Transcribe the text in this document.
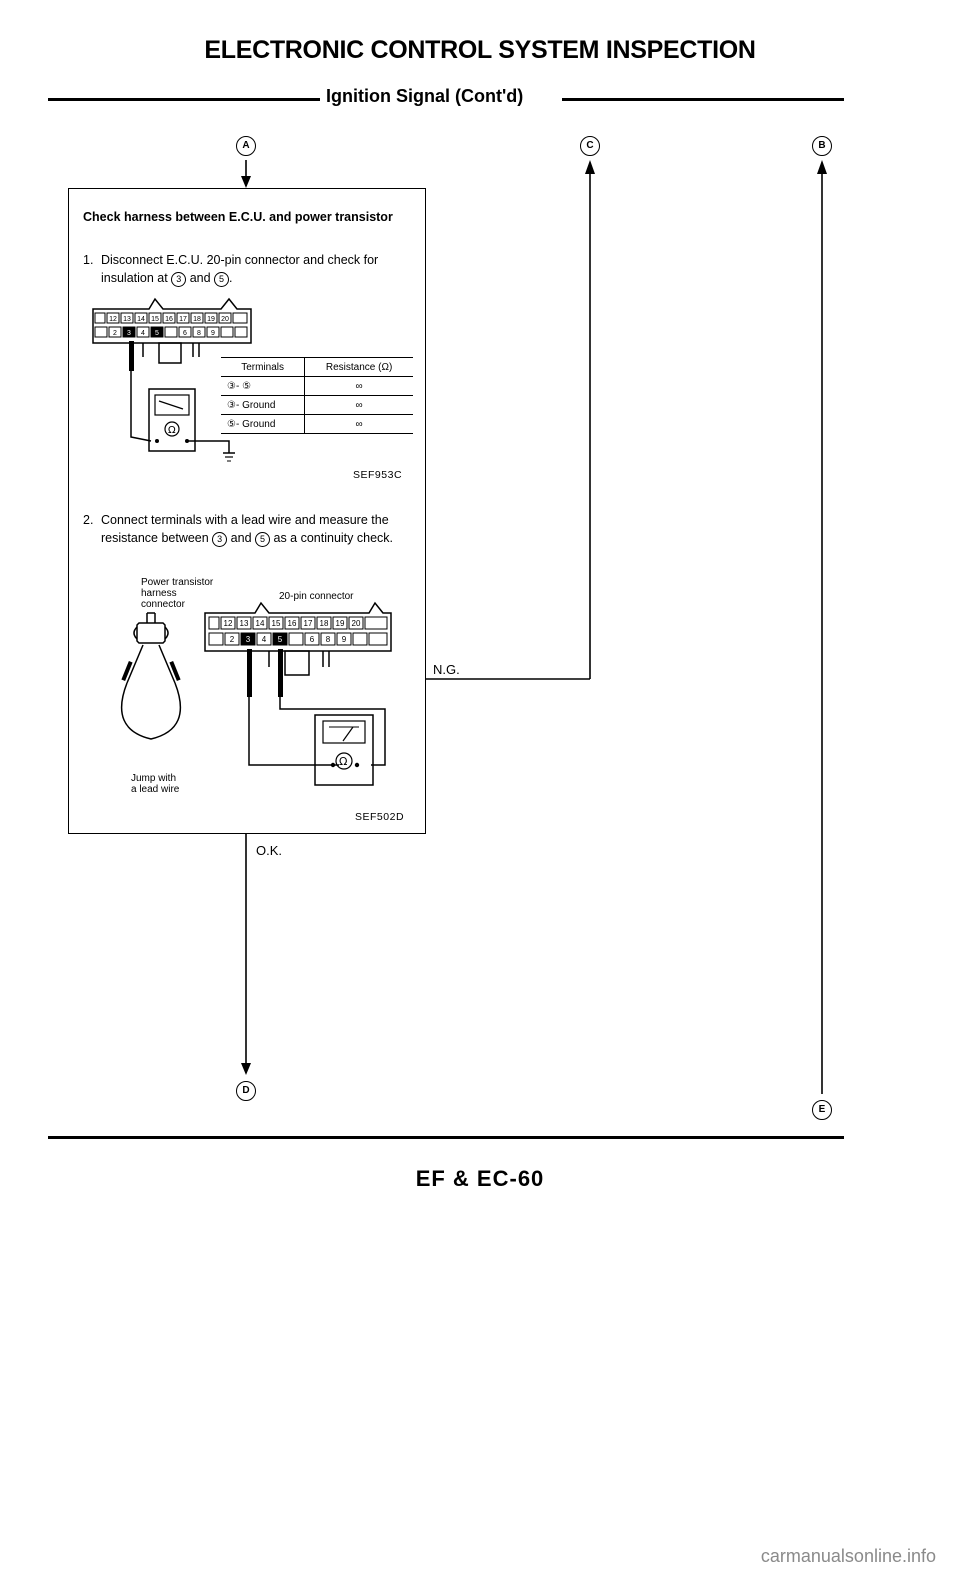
ELECTRONIC CONTROL SYSTEM INSPECTION
Ignition Signal (Cont'd)
A	C	B
D
E
O.K.
N.G.
Check harness between E.C.U. and power transistor
1. Disconnect E.C.U. 20-pin connector and check for insulation at 3 and 5 .
Ω
12 13 14 15 16 17 18 19 20
2 3 4 5	6 8 9
Terminals	Resistance (Ω)
③- ⑤	∞
③- Ground	∞
⑤- Ground	∞
SEF953C
2. Connect terminals with a lead wire and measure the resistance between 3 and 5 as a continuity check.
Power transistor
harness
connector
20-pin connector
Jump with
a lead wire
Ω
12 13 14 15 16 17 18 19 20
2 3 4 5	6 8 9
SEF502D
EF & EC-60
carmanualsonline.info
